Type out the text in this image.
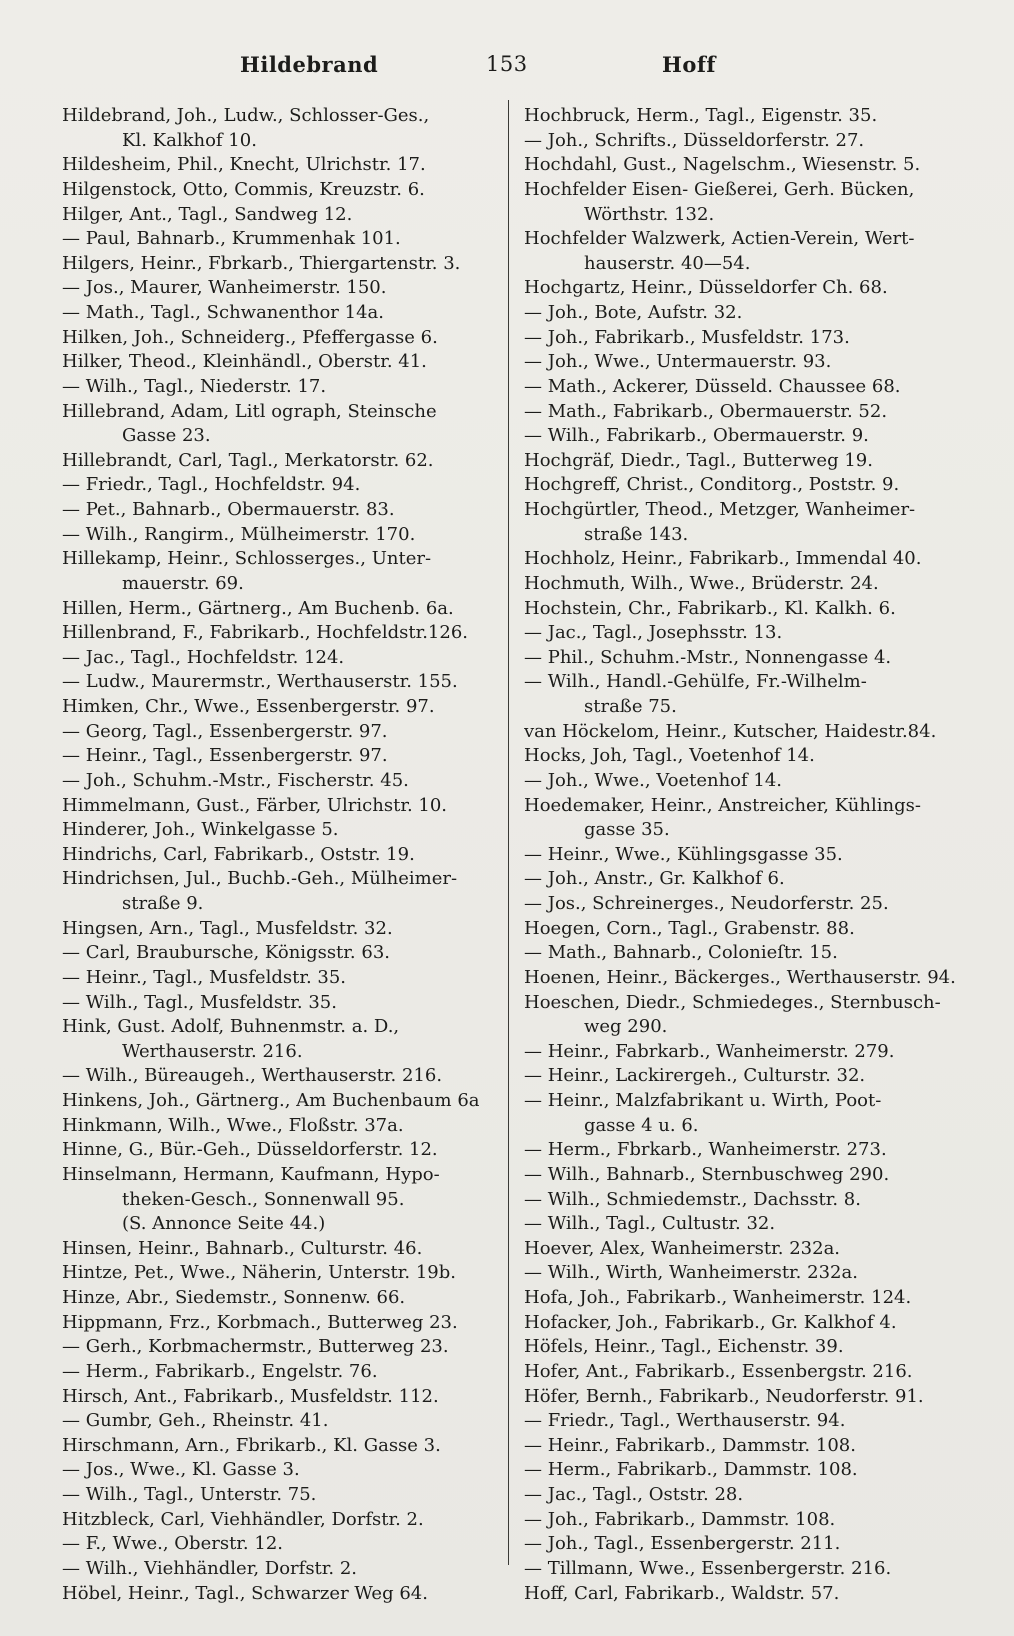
Hildebrand	153	Hoff
Hildebrand, Joh., Ludw., Schlosser-Ges.,
Kl. Kalkhof 10.
Hildesheim, Phil., Knecht, Ulrichstr. 17.
Hilgenstock, Otto, Commis, Kreuzstr. 6.
Hilger, Ant., Tagl., Sandweg 12.
— Paul, Bahnarb., Krummenhak 101.
Hilgers, Heinr., Fbrkarb., Thiergartenstr. 3.
— Jos., Maurer, Wanheimerstr. 150.
— Math., Tagl., Schwanenthor 14a.
Hilken, Joh., Schneiderg., Pfeffergasse 6.
Hilker, Theod., Kleinhändl., Oberstr. 41.
— Wilh., Tagl., Niederstr. 17.
Hillebrand, Adam, Litl ograph, Steinsche
Gasse 23.
Hillebrandt, Carl, Tagl., Merkatorstr. 62.
— Friedr., Tagl., Hochfeldstr. 94.
— Pet., Bahnarb., Obermauerstr. 83.
— Wilh., Rangirm., Mülheimerstr. 170.
Hillekamp, Heinr., Schlosserges., Unter-
mauerstr. 69.
Hillen, Herm., Gärtnerg., Am Buchenb. 6a.
Hillenbrand, F., Fabrikarb., Hochfeldstr.126.
— Jac., Tagl., Hochfeldstr. 124.
— Ludw., Maurermstr., Werthauserstr. 155.
Himken, Chr., Wwe., Essenbergerstr. 97.
— Georg, Tagl., Essenbergerstr. 97.
— Heinr., Tagl., Essenbergerstr. 97.
— Joh., Schuhm.-Mstr., Fischerstr. 45.
Himmelmann, Gust., Färber, Ulrichstr. 10.
Hinderer, Joh., Winkelgasse 5.
Hindrichs, Carl, Fabrikarb., Oststr. 19.
Hindrichsen, Jul., Buchb.-Geh., Mülheimer-
straße 9.
Hingsen, Arn., Tagl., Musfeldstr. 32.
— Carl, Braubursche, Königsstr. 63.
— Heinr., Tagl., Musfeldstr. 35.
— Wilh., Tagl., Musfeldstr. 35.
Hink, Gust. Adolf, Buhnenmstr. a. D.,
Werthauserstr. 216.
— Wilh., Büreaugeh., Werthauserstr. 216.
Hinkens, Joh., Gärtnerg., Am Buchenbaum 6a
Hinkmann, Wilh., Wwe., Floßstr. 37a.
Hinne, G., Bür.-Geh., Düsseldorferstr. 12.
Hinselmann, Hermann, Kaufmann, Hypo-
theken-Gesch., Sonnenwall 95.
(S. Annonce Seite 44.)
Hinsen, Heinr., Bahnarb., Culturstr. 46.
Hintze, Pet., Wwe., Näherin, Unterstr. 19b.
Hinze, Abr., Siedemstr., Sonnenw. 66.
Hippmann, Frz., Korbmach., Butterweg 23.
— Gerh., Korbmachermstr., Butterweg 23.
— Herm., Fabrikarb., Engelstr. 76.
Hirsch, Ant., Fabrikarb., Musfeldstr. 112.
— Gumbr, Geh., Rheinstr. 41.
Hirschmann, Arn., Fbrikarb., Kl. Gasse 3.
— Jos., Wwe., Kl. Gasse 3.
— Wilh., Tagl., Unterstr. 75.
Hitzbleck, Carl, Viehhändler, Dorfstr. 2.
— F., Wwe., Oberstr. 12.
— Wilh., Viehhändler, Dorfstr. 2.
Höbel, Heinr., Tagl., Schwarzer Weg 64.
Hochbruck, Herm., Tagl., Eigenstr. 35.
— Joh., Schrifts., Düsseldorferstr. 27.
Hochdahl, Gust., Nagelschm., Wiesenstr. 5.
Hochfelder Eisen- Gießerei, Gerh. Bücken,
Wörthstr. 132.
Hochfelder Walzwerk, Actien-Verein, Wert-
hauserstr. 40—54.
Hochgartz, Heinr., Düsseldorfer Ch. 68.
— Joh., Bote, Aufstr. 32.
— Joh., Fabrikarb., Musfeldstr. 173.
— Joh., Wwe., Untermauerstr. 93.
— Math., Ackerer, Düsseld. Chaussee 68.
— Math., Fabrikarb., Obermauerstr. 52.
— Wilh., Fabrikarb., Obermauerstr. 9.
Hochgräf, Diedr., Tagl., Butterweg 19.
Hochgreff, Christ., Conditorg., Poststr. 9.
Hochgürtler, Theod., Metzger, Wanheimer-
straße 143.
Hochholz, Heinr., Fabrikarb., Immendal 40.
Hochmuth, Wilh., Wwe., Brüderstr. 24.
Hochstein, Chr., Fabrikarb., Kl. Kalkh. 6.
— Jac., Tagl., Josephsstr. 13.
— Phil., Schuhm.-Mstr., Nonnengasse 4.
— Wilh., Handl.-Gehülfe, Fr.-Wilhelm-
straße 75.
van Höckelom, Heinr., Kutscher, Haidestr.84.
Hocks, Joh, Tagl., Voetenhof 14.
— Joh., Wwe., Voetenhof 14.
Hoedemaker, Heinr., Anstreicher, Kühlings-
gasse 35.
— Heinr., Wwe., Kühlingsgasse 35.
— Joh., Anstr., Gr. Kalkhof 6.
— Jos., Schreinerges., Neudorferstr. 25.
Hoegen, Corn., Tagl., Grabenstr. 88.
— Math., Bahnarb., Colonieſtr. 15.
Hoenen, Heinr., Bäckerges., Werthauserstr. 94.
Hoeschen, Diedr., Schmiedeges., Sternbusch-
weg 290.
— Heinr., Fabrkarb., Wanheimerstr. 279.
— Heinr., Lackirergeh., Culturstr. 32.
— Heinr., Malzfabrikant u. Wirth, Poot-
gasse 4 u. 6.
— Herm., Fbrkarb., Wanheimerstr. 273.
— Wilh., Bahnarb., Sternbuschweg 290.
— Wilh., Schmiedemstr., Dachsstr. 8.
— Wilh., Tagl., Cultustr. 32.
Hoever, Alex, Wanheimerstr. 232a.
— Wilh., Wirth, Wanheimerstr. 232a.
Hofa, Joh., Fabrikarb., Wanheimerstr. 124.
Hofacker, Joh., Fabrikarb., Gr. Kalkhof 4.
Höfels, Heinr., Tagl., Eichenstr. 39.
Hofer, Ant., Fabrikarb., Essenbergstr. 216.
Höfer, Bernh., Fabrikarb., Neudorferstr. 91.
— Friedr., Tagl., Werthauserstr. 94.
— Heinr., Fabrikarb., Dammstr. 108.
— Herm., Fabrikarb., Dammstr. 108.
— Jac., Tagl., Oststr. 28.
— Joh., Fabrikarb., Dammstr. 108.
— Joh., Tagl., Essenbergerstr. 211.
— Tillmann, Wwe., Essenbergerstr. 216.
Hoff, Carl, Fabrikarb., Waldstr. 57.
